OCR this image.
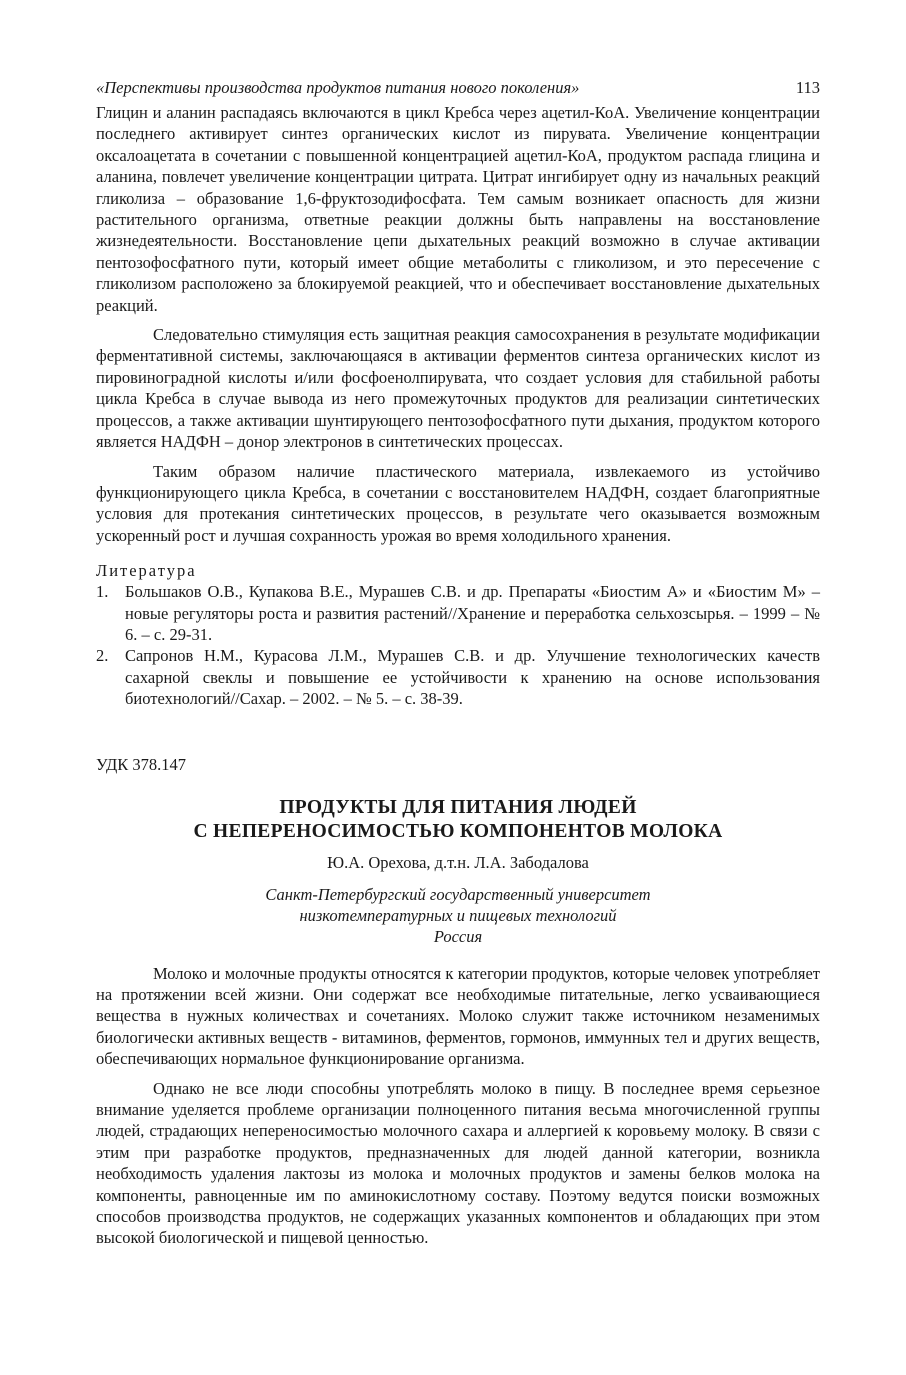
«Перспективы производства продуктов питания нового поколения»	113

Глицин и аланин распадаясь включаются в цикл Кребса через ацетил-КоА. Увеличение концентрации последнего активирует синтез органических кислот из пирувата. Увеличение концентрации оксалоацетата в сочетании с повышенной концентрацией ацетил-КоА, продуктом распада глицина и аланина, повлечет увеличение концентрации цитрата. Цитрат ингибирует одну из начальных реакций гликолиза – образование 1,6-фруктозодифосфата. Тем самым возникает опасность для жизни растительного организма, ответные реакции должны быть направлены на восстановление жизнедеятельности. Восстановление цепи дыхательных реакций возможно в случае активации пентозофосфатного пути, который имеет общие метаболиты с гликолизом, и это пересечение с гликолизом расположено за блокируемой реакцией, что и обеспечивает восстановление дыхательных реакций.

Следовательно стимуляция есть защитная реакция самосохранения в результате модификации ферментативной системы, заключающаяся в активации ферментов синтеза органических кислот из пировиноградной кислоты и/или фосфоенолпирувата, что создает условия для стабильной работы цикла Кребса в случае вывода из него промежуточных продуктов для реализации синтетических процессов, а также активации шунтирующего пентозофосфатного пути дыхания, продуктом которого является НАДФН – донор электронов в синтетических процессах.

Таким образом наличие пластического материала, извлекаемого из устойчиво функционирующего цикла Кребса, в сочетании с восстановителем НАДФН, создает благоприятные условия для протекания синтетических процессов, в результате чего оказывается возможным ускоренный рост и лучшая сохранность урожая во время холодильного хранения.

Литература
1.	Большаков О.В., Купакова В.Е., Мурашев С.В. и др. Препараты «Биостим А» и «Биостим М» – новые регуляторы роста и развития растений//Хранение и переработка сельхозсырья. – 1999 – № 6. – с. 29-31.
2.	Сапронов Н.М., Курасова Л.М., Мурашев С.В. и др. Улучшение технологических качеств сахарной свеклы и повышение ее устойчивости к хранению на основе использования биотехнологий//Сахар. – 2002. – № 5. – с. 38-39.
УДК 378.147
ПРОДУКТЫ ДЛЯ ПИТАНИЯ ЛЮДЕЙ
С НЕПЕРЕНОСИМОСТЬЮ КОМПОНЕНТОВ МОЛОКА
Ю.А. Орехова, д.т.н. Л.А. Забодалова
Санкт-Петербургский государственный университет
низкотемпературных и пищевых технологий
Россия

Молоко и молочные продукты относятся к категории продуктов, которые человек употребляет на протяжении всей жизни. Они содержат все необходимые питательные, легко усваивающиеся вещества в нужных количествах и сочетаниях. Молоко служит также источником незаменимых биологически активных веществ - витаминов, ферментов, гормонов, иммунных тел и других веществ, обеспечивающих нормальное функционирование организма.

Однако не все люди способны употреблять молоко в пищу. В последнее время серьезное внимание уделяется проблеме организации полноценного питания весьма многочисленной группы людей, страдающих непереносимостью молочного сахара и аллергией к коровьему молоку. В связи с этим при разработке продуктов, предназначенных для людей данной категории, возникла необходимость удаления лактозы из молока и молочных продуктов и замены белков молока на компоненты, равноценные им по аминокислотному составу. Поэтому ведутся поиски возможных способов производства продуктов, не содержащих указанных компонентов и обладающих при этом высокой биологической и пищевой ценностью.
